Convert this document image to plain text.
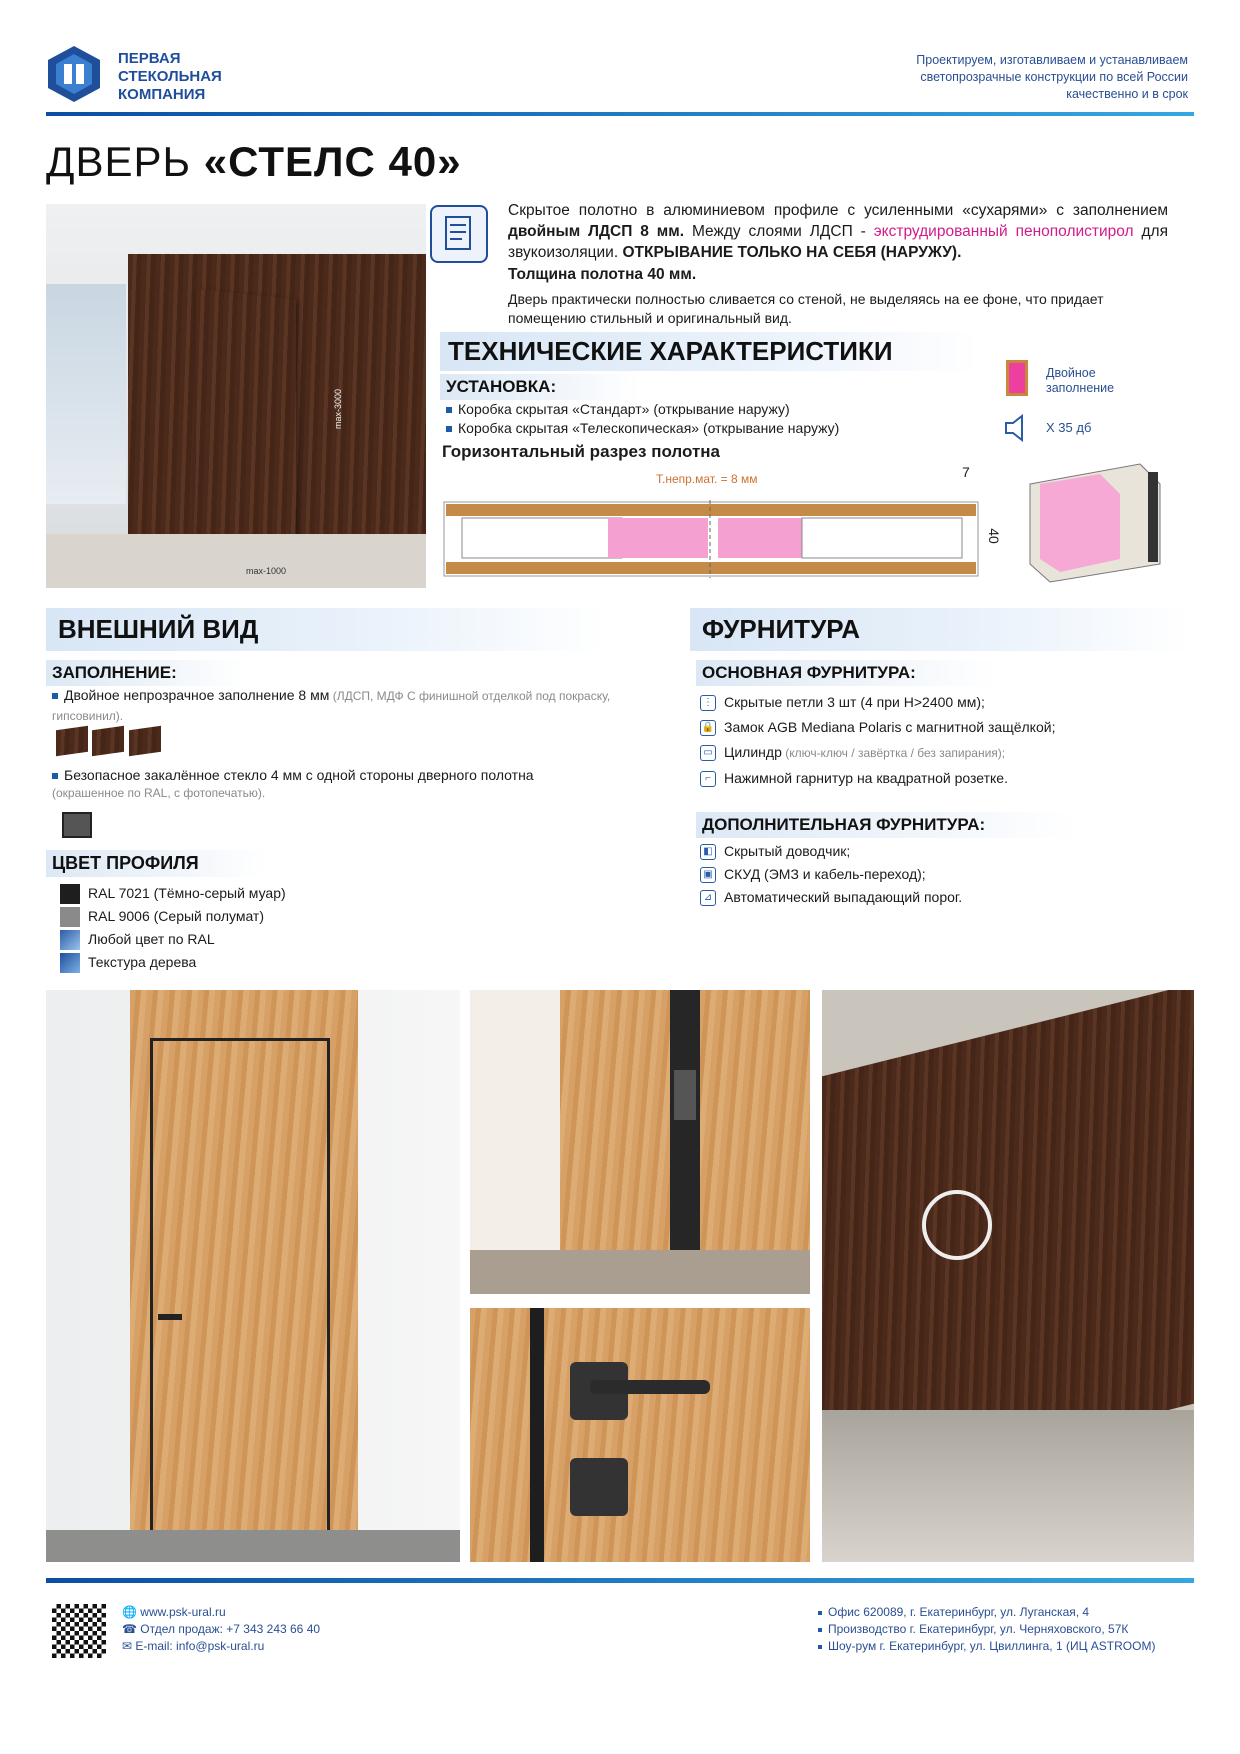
ПЕРВАЯ
СТЕКОЛЬНАЯ
КОМПАНИЯ
Проектируем, изготавливаем и устанавливаем
светопрозрачные конструкции по всей России
качественно и в срок
ДВЕРЬ «СТЕЛС 40»
max-3000
max-1000
Скрытое полотно в алюминиевом профиле с усиленными «сухарями» с заполнением двойным ЛДСП 8 мм. Между слоями ЛДСП - экструдированный пенополистирол для звукоизоляции. ОТКРЫВАНИЕ ТОЛЬКО НА СЕБЯ (НАРУЖУ).
Толщина полотна 40 мм.
Дверь практически полностью сливается со стеной, не выделяясь на ее фоне, что придает помещению стильный и оригинальный вид.
ТЕХНИЧЕСКИЕ ХАРАКТЕРИСТИКИ
УСТАНОВКА:
Коробка скрытая «Стандарт» (открывание наружу)
Коробка скрытая «Телескопическая» (открывание наружу)
Горизонтальный разрез полотна
Двойное
заполнение
X 35 дб
Т.непр.мат. = 8 мм	7
40
ВНЕШНИЙ ВИД
ЗАПОЛНЕНИЕ:
Двойное непрозрачное заполнение 8 мм (ЛДСП, МДФ С финишной отделкой под покраску, гипсовинил).

Безопасное закалённое стекло 4 мм с одной стороны дверного полотна
(окрашенное по RAL, с фотопечатью).
ЦВЕТ ПРОФИЛЯ
RAL 7021 (Тёмно-серый муар)
RAL 9006 (Серый полумат)
Любой цвет по RAL
Текстура дерева
ФУРНИТУРА
ОСНОВНАЯ ФУРНИТУРА:
⋮ Скрытые петли 3 шт (4 при H>2400 мм);
🔒 Замок AGB Mediana Polaris с магнитной защёлкой;
▭ Цилиндр (ключ-ключ / завёртка / без запирания);
⌐ Нажимной гарнитур на квадратной розетке.
ДОПОЛНИТЕЛЬНАЯ ФУРНИТУРА:
◧ Скрытый доводчик;
▣ СКУД (ЭМЗ и кабель-переход);
⊿ Автоматический выпадающий порог.
🌐 www.psk-ural.ru
☎ Отдел продаж: +7 343 243 66 40
✉ E-mail: info@psk-ural.ru
Офис 620089, г. Екатеринбург, ул. Луганская, 4
Производство г. Екатеринбург, ул. Черняховского, 57К
Шоу-рум г. Екатеринбург, ул. Цвиллинга, 1 (ИЦ ASTROOM)
